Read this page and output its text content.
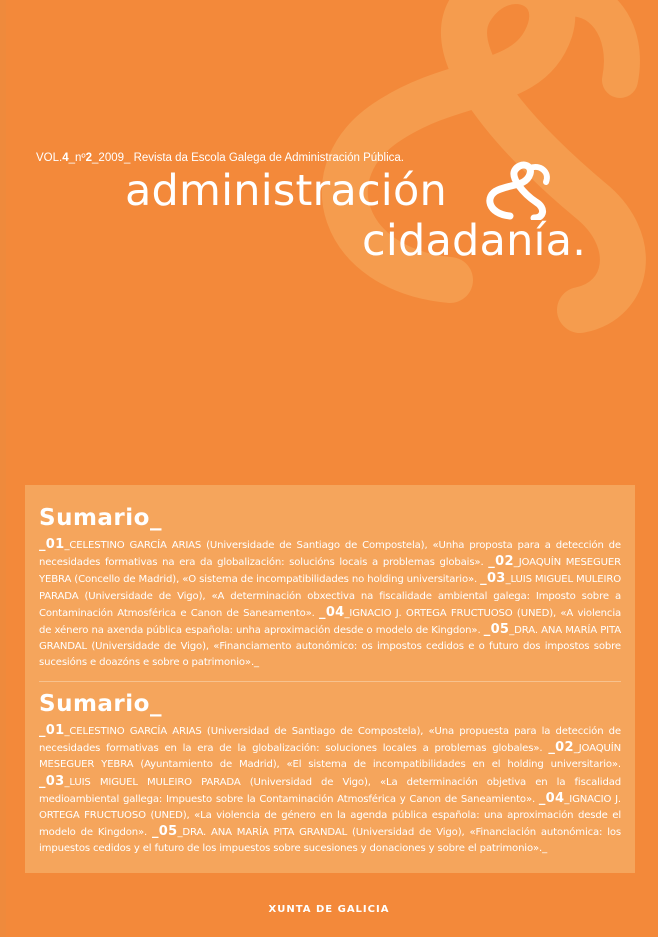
VOL.4_nº2_2009_ Revista da Escola Galega de Administración Pública.
administración
cidadanía.
Sumario_

_01_CELESTINO GARCÍA ARIAS (Universidade de Santiago de Compostela), «Unha proposta para a detección de necesidades formativas na era da globalización: solucións locais a problemas globais». _02_JOAQUÍN MESEGUER YEBRA (Concello de Madrid), «O sistema de incompatibilidades no holding universitario». _03_LUIS MIGUEL MULEIRO PARADA (Universidade de Vigo), «A determinación obxectiva na fiscalidade ambiental galega: Imposto sobre a Contaminación Atmosférica e Canon de Saneamento». _04_IGNACIO J. ORTEGA FRUCTUOSO (UNED), «A violencia de xénero na axenda pública española: unha aproximación desde o modelo de Kingdon». _05_DRA. ANA MARÍA PITA GRANDAL (Universidade de Vigo), «Financiamento autonómico: os impostos cedidos e o futuro dos impostos sobre sucesións e doazóns e sobre o patrimonio»._

Sumario_

_01_CELESTINO GARCÍA ARIAS (Universidad de Santiago de Compostela), «Una propuesta para la detección de necesidades formativas en la era de la globalización: soluciones locales a problemas globales». _02_JOAQUÍN MESEGUER YEBRA (Ayuntamiento de Madrid), «El sistema de incompatibilidades en el holding universitario». _03_LUIS MIGUEL MULEIRO PARADA (Universidad de Vigo), «La determinación objetiva en la fiscalidad medioambiental gallega: Impuesto sobre la Contaminación Atmosférica y Canon de Saneamiento». _04_IGNACIO J. ORTEGA FRUCTUOSO (UNED), «La violencia de género en la agenda pública española: una aproximación desde el modelo de Kingdon». _05_DRA. ANA MARÍA PITA GRANDAL (Universidad de Vigo), «Financiación autonómica: los impuestos cedidos y el futuro de los impuestos sobre sucesiones y donaciones y sobre el patrimonio»._

XUNTA DE GALICIA
